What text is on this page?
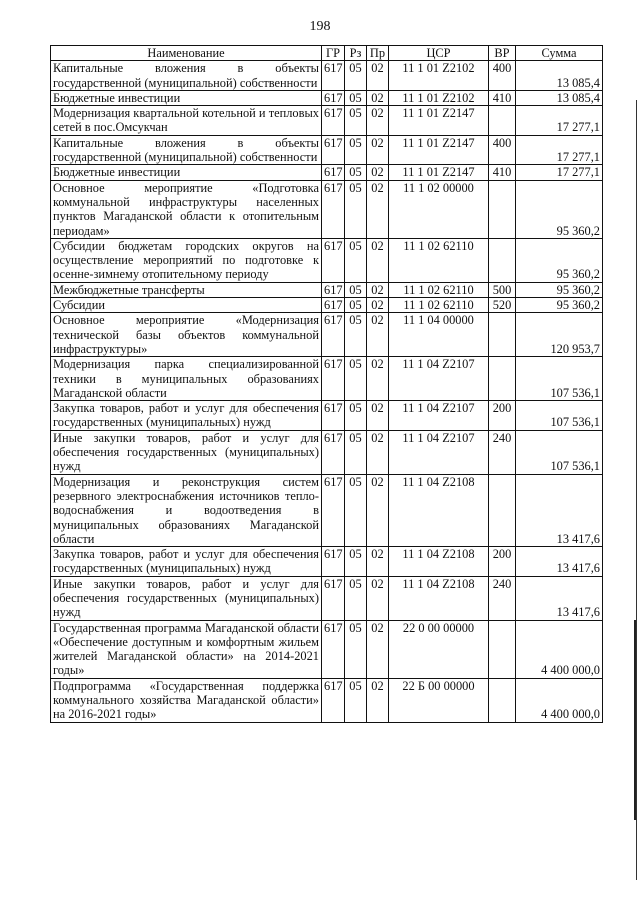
198
Наименование	ГР	Рз	Пр	ЦСР	ВР	Сумма
Капитальные вложения в объекты государственной (муниципальной) собственности	617	05	02	11 1 01 Z2102	400	13 085,4
Бюджетные инвестиции	617	05	02	11 1 01 Z2102	410	13 085,4
Модернизация квартальной котельной и тепловых сетей в пос.Омсукчан	617	05	02	11 1 01 Z2147		17 277,1
Капитальные вложения в объекты государственной (муниципальной) собственности	617	05	02	11 1 01 Z2147	400	17 277,1
Бюджетные инвестиции	617	05	02	11 1 01 Z2147	410	17 277,1
Основное мероприятие «Подготовка коммунальной инфраструктуры населенных пунктов Магаданской области к отопительным периодам»	617	05	02	11 1 02 00000		95 360,2
Субсидии бюджетам городских округов на осуществление мероприятий по подготовке к осенне-зимнему отопительному периоду	617	05	02	11 1 02 62110		95 360,2
Межбюджетные трансферты	617	05	02	11 1 02 62110	500	95 360,2
Субсидии	617	05	02	11 1 02 62110	520	95 360,2
Основное мероприятие «Модернизация технической базы объектов коммунальной инфраструктуры»	617	05	02	11 1 04 00000		120 953,7
Модернизация парка специализированной техники в муниципальных образованиях Магаданской области	617	05	02	11 1 04 Z2107		107 536,1
Закупка товаров, работ и услуг для обеспечения государственных (муниципальных) нужд	617	05	02	11 1 04 Z2107	200	107 536,1
Иные закупки товаров, работ и услуг для обеспечения государственных (муниципальных) нужд	617	05	02	11 1 04 Z2107	240	107 536,1
Модернизация и реконструкция систем резервного электроснабжения источников тепло-водоснабжения и водоотведения в муниципальных образованиях Магаданской области	617	05	02	11 1 04 Z2108		13 417,6
Закупка товаров, работ и услуг для обеспечения государственных (муниципальных) нужд	617	05	02	11 1 04 Z2108	200	13 417,6
Иные закупки товаров, работ и услуг для обеспечения государственных (муниципальных) нужд	617	05	02	11 1 04 Z2108	240	13 417,6
Государственная программа Магаданской области «Обеспечение доступным и комфортным жильем жителей Магаданской области» на 2014-2021 годы»	617	05	02	22 0 00 00000		4 400 000,0
Подпрограмма «Государственная поддержка коммунального хозяйства Магаданской области» на 2016-2021 годы»	617	05	02	22 Б 00 00000		4 400 000,0
